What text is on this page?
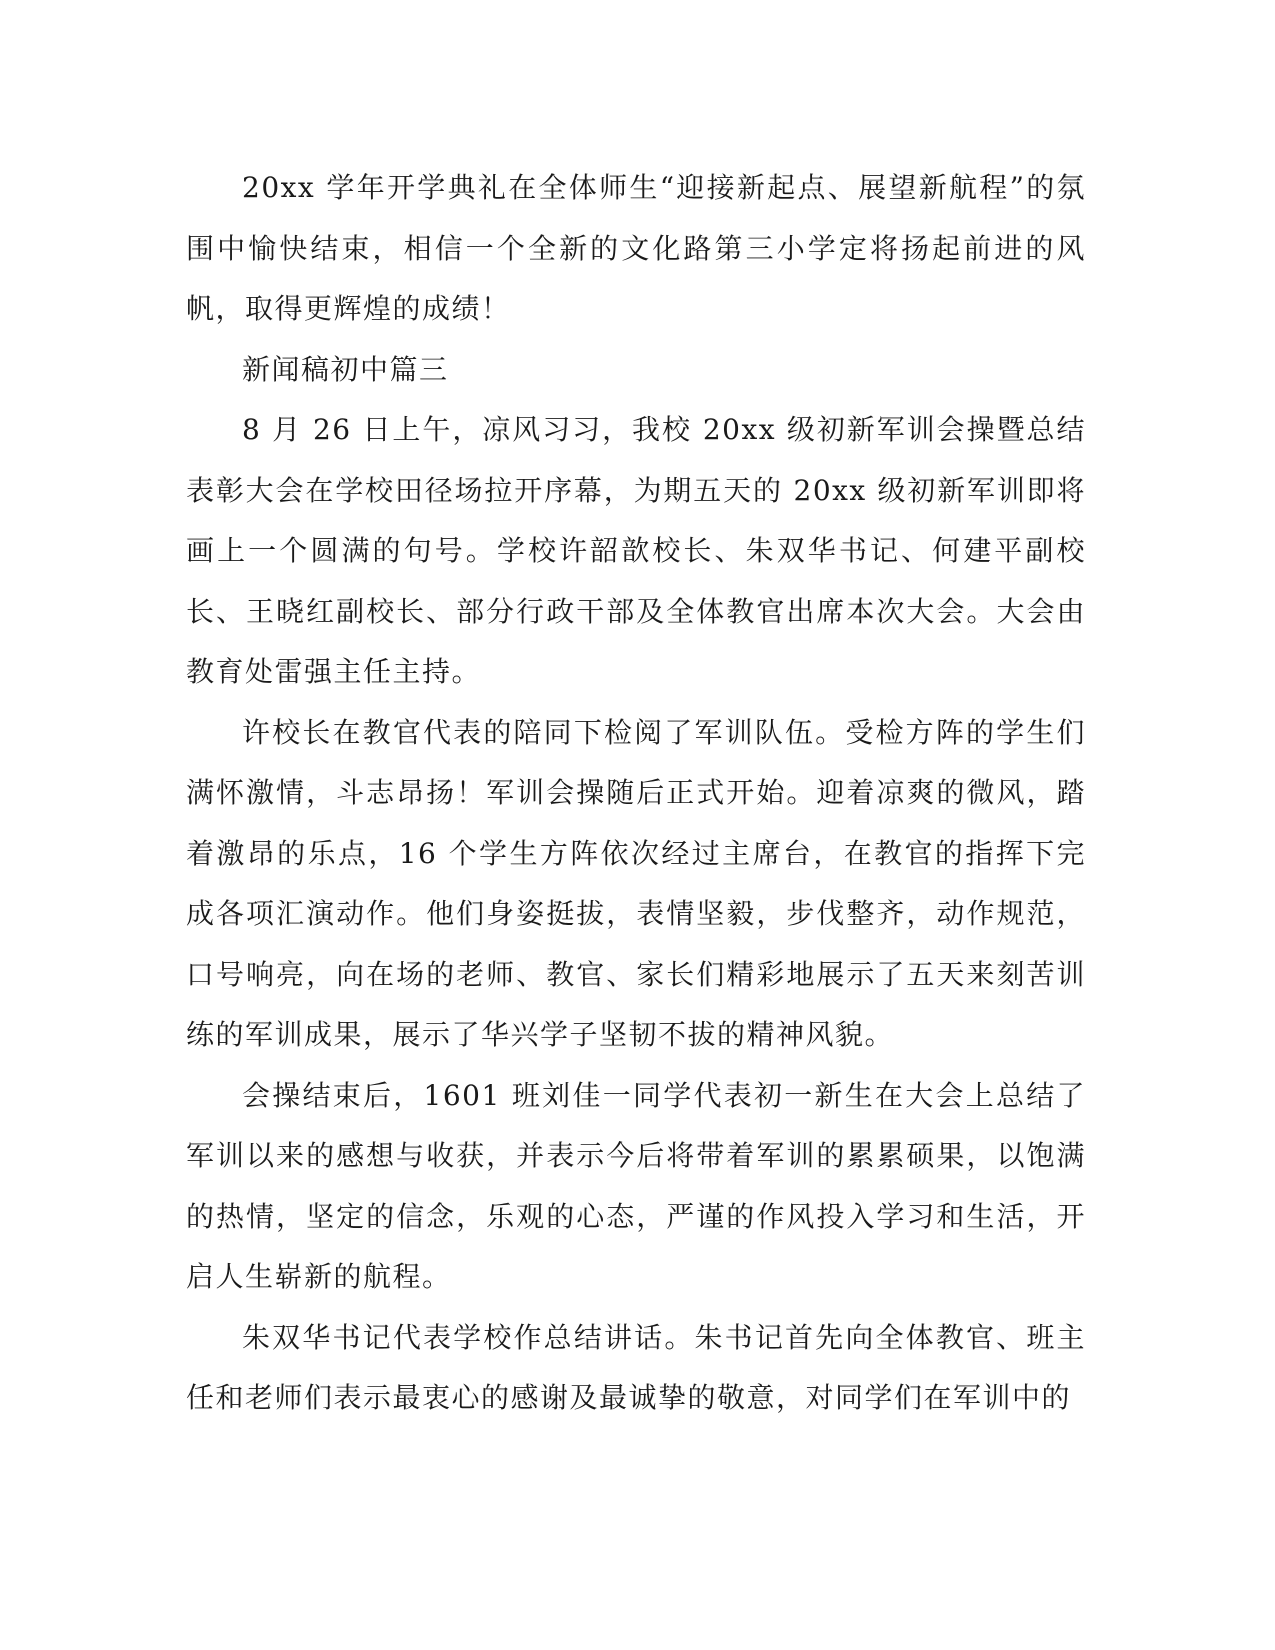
20xx 学年开学典礼在全体师生“迎接新起点、展望新航程”的氛围中愉快结束，相信一个全新的文化路第三小学定将扬起前进的风帆，取得更辉煌的成绩！

新闻稿初中篇三

8 月 26 日上午，凉风习习，我校 20xx 级初新军训会操暨总结表彰大会在学校田径场拉开序幕，为期五天的 20xx 级初新军训即将画上一个圆满的句号。学校许韶歆校长、朱双华书记、何建平副校长、王晓红副校长、部分行政干部及全体教官出席本次大会。大会由教育处雷强主任主持。

许校长在教官代表的陪同下检阅了军训队伍。受检方阵的学生们满怀激情，斗志昂扬！军训会操随后正式开始。迎着凉爽的微风，踏着激昂的乐点，16 个学生方阵依次经过主席台，在教官的指挥下完成各项汇演动作。他们身姿挺拔，表情坚毅，步伐整齐，动作规范，口号响亮，向在场的老师、教官、家长们精彩地展示了五天来刻苦训练的军训成果，展示了华兴学子坚韧不拔的精神风貌。

会操结束后，1601 班刘佳一同学代表初一新生在大会上总结了军训以来的感想与收获，并表示今后将带着军训的累累硕果，以饱满的热情，坚定的信念，乐观的心态，严谨的作风投入学习和生活，开启人生崭新的航程。

朱双华书记代表学校作总结讲话。朱书记首先向全体教官、班主任和老师们表示最衷心的感谢及最诚挚的敬意，对同学们在军训中的
